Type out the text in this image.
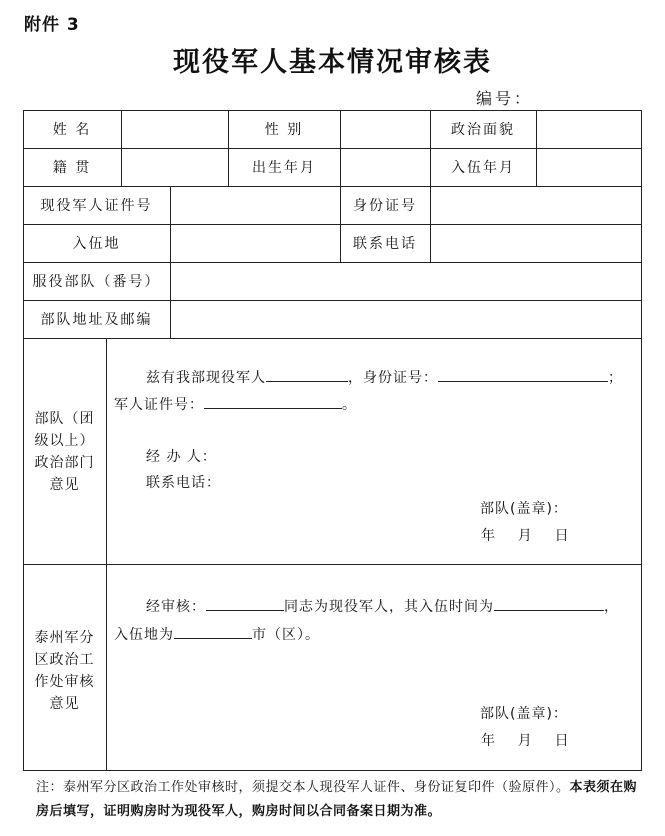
附件 3
现役军人基本情况审核表
编号：
姓 名	性 别	政治面貌
籍 贯	出生年月	入伍年月
现役军人证件号	身份证号
入伍地	联系电话
服役部队（番号）
部队地址及邮编
部队（团
级以上）
政治部门
意见
兹有我部现役军人	，身份证号：	；
军人证件号：	。
经 办 人：
联系电话：
部队(盖章)：
年    月    日
泰州军分
区政治工
作处审核
意见
经审核：	同志为现役军人，其入伍时间为	，
入伍地为	市（区）。
部队(盖章)：
年    月    日
注：泰州军分区政治工作处审核时，须提交本人现役军人证件、身份证复印件（验原件）。本表须在购房后填写，证明购房时为现役军人，购房时间以合同备案日期为准。
